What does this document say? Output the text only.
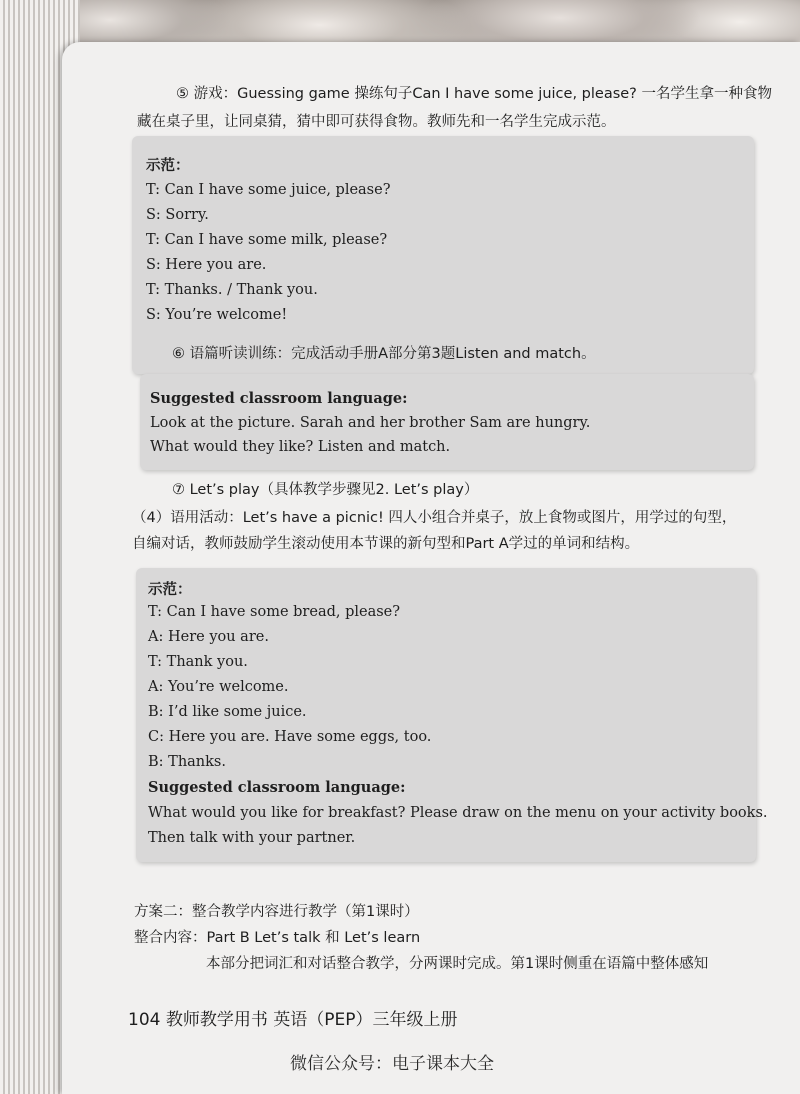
⑤ 游戏：Guessing game 操练句子Can I have some juice, please? 一名学生拿一种食物
藏在桌子里，让同桌猜，猜中即可获得食物。教师先和一名学生完成示范。
示范：
T: Can I have some juice, please?
S: Sorry.
T: Can I have some milk, please?
S: Here you are.
T: Thanks. / Thank you.
S: You’re welcome!
⑥ 语篇听读训练：完成活动手册A部分第3题Listen and match。
Suggested classroom language:
Look at the picture. Sarah and her brother Sam are hungry.
What would they like? Listen and match.
⑦ Let’s play（具体教学步骤见2. Let’s play）
（4）语用活动：Let’s have a picnic! 四人小组合并桌子，放上食物或图片，用学过的句型，
自编对话，教师鼓励学生滚动使用本节课的新句型和Part A学过的单词和结构。
示范：
T: Can I have some bread, please?
A: Here you are.
T: Thank you.
A: You’re welcome.
B: I’d like some juice.
C: Here you are. Have some eggs, too.
B: Thanks.
Suggested classroom language:
What would you like for breakfast? Please draw on the menu on your activity books.
Then talk with your partner.
方案二：整合教学内容进行教学（第1课时）
整合内容：Part B Let’s talk 和 Let’s learn
本部分把词汇和对话整合教学，分两课时完成。第1课时侧重在语篇中整体感知
104 教师教学用书 英语（PEP）三年级上册
微信公众号：电子课本大全
